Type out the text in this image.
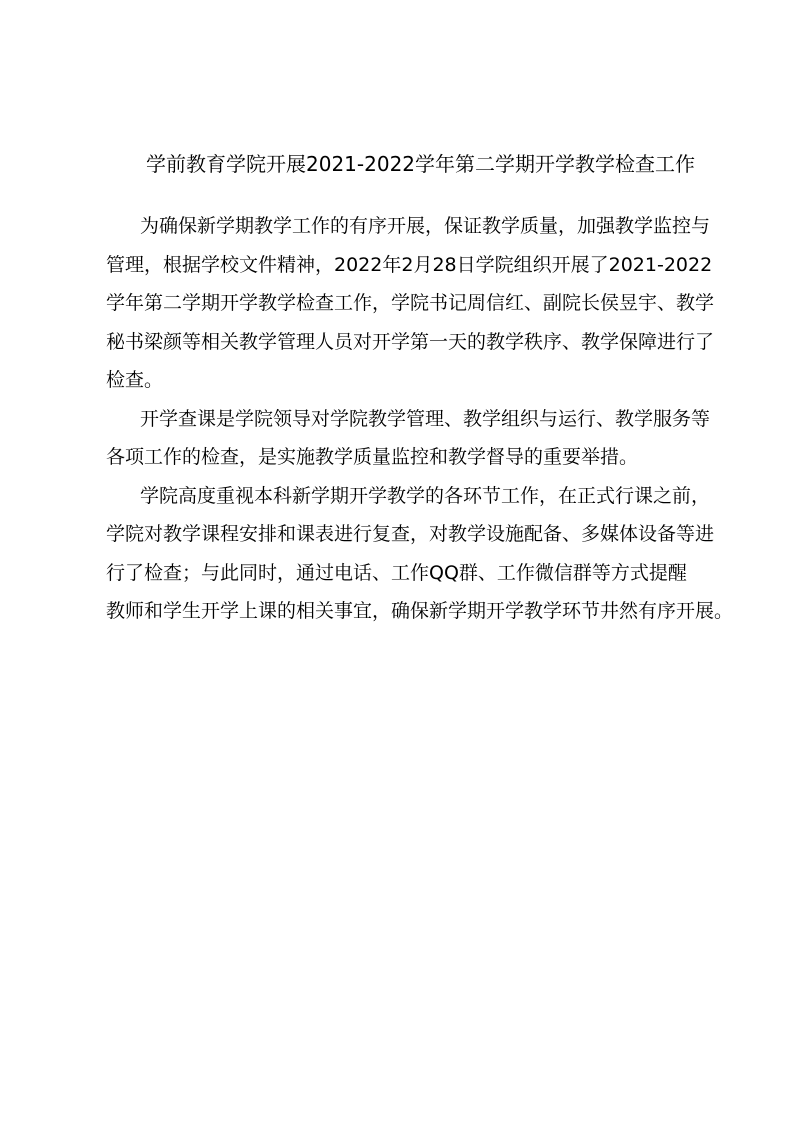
学前教育学院开展2021-2022学年第二学期开学教学检查工作
为确保新学期教学工作的有序开展，保证教学质量，加强教学监控与
管理，根据学校文件精神，2022年2月28日学院组织开展了2021-2022
学年第二学期开学教学检查工作，学院书记周信红、副院长侯昱宇、教学
秘书梁颜等相关教学管理人员对开学第一天的教学秩序、教学保障进行了
检查。
开学查课是学院领导对学院教学管理、教学组织与运行、教学服务等
各项工作的检查，是实施教学质量监控和教学督导的重要举措。
学院高度重视本科新学期开学教学的各环节工作，在正式行课之前，
学院对教学课程安排和课表进行复查，对教学设施配备、多媒体设备等进
行了检查；与此同时，通过电话、工作QQ群、工作微信群等方式提醒
教师和学生开学上课的相关事宜，确保新学期开学教学环节井然有序开展。
